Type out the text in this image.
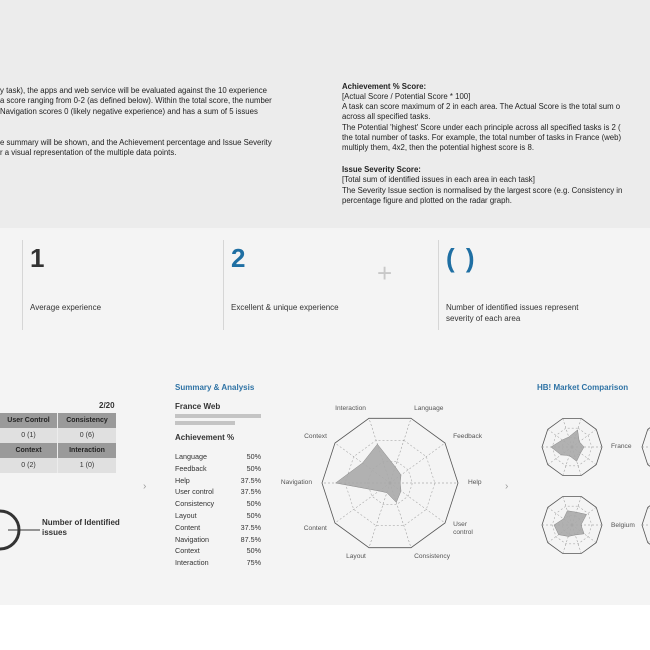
y task), the apps and web service will be evaluated against the 10 experience

a score ranging from 0-2 (as defined below). Within the total score, the number

Navigation scores 0 (likely negative experience) and has a sum of 5 issues

e summary will be shown, and the Achievement percentage and Issue Severity

r a visual representation of the multiple data points.

Achievement % Score:

[Actual Score / Potential Score * 100]

A task can score maximum of 2 in each area. The Actual Score is the total sum o

across all specified tasks.

The Potential 'highest' Score under each principle across all specified tasks is 2 (

the total number of tasks. For example, the total number of tasks in France (web)

multiply them, 4x2, then the potential highest score is 8.

Issue Severity Score:

[Total sum of identified issues in each area in each task]

The Severity Issue section is normalised by the largest score (e.g. Consistency in

percentage figure and plotted on the radar graph.

1
Average experience
2
Excellent & unique experience
+ ( )
Number of identified issues represent severity of each area
2/20
User Control	Consistency
0 (1)	0 (6)
Context	Interaction
0 (2)	1 (0)
Number of Identified issues
›	›
Summary & Analysis
France Web
Achievement %
Language	50%
Feedback	50%
Help	37.5%
User control	37.5%
Consistency	50%
Layout	50%
Content	37.5%
Navigation	87.5%
Context	50%
Interaction	75%
Language
Feedback
Help
User
control
Consistency
Layout
Content
Navigation
Context
Interaction
HB! Market Comparison
France
Belgium
